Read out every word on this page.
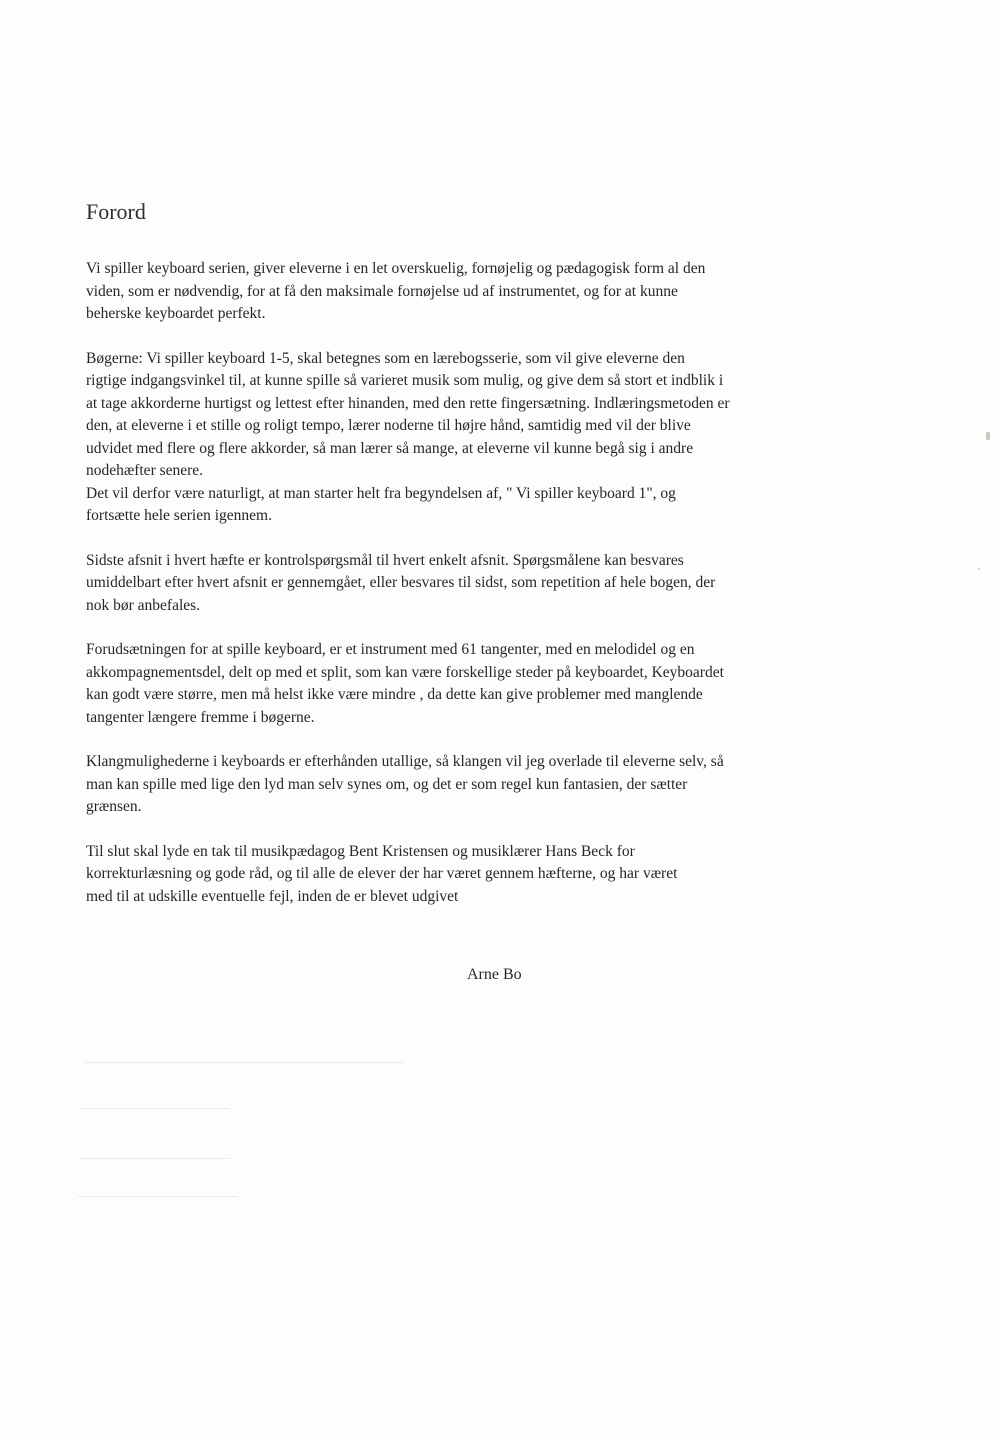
Forord

Vi spiller keyboard serien, giver eleverne i en let overskuelig, fornøjelig og pædagogisk form al den
viden, som er nødvendig, for at få den maksimale fornøjelse ud af instrumentet, og for at kunne
beherske keyboardet perfekt.

Bøgerne: Vi spiller keyboard 1-5, skal betegnes som en lærebogsserie, som vil give eleverne den
rigtige indgangsvinkel til, at kunne spille så varieret musik som mulig, og give dem så stort et indblik i
at tage akkorderne hurtigst og lettest efter hinanden, med den rette fingersætning. Indlæringsmetoden er
den, at eleverne i et stille og roligt tempo, lærer noderne til højre hånd, samtidig med vil der blive
udvidet med flere og flere akkorder, så man lærer så mange, at eleverne vil kunne begå sig i andre
nodehæfter senere.

Det vil derfor være naturligt, at man starter helt fra begyndelsen af, " Vi spiller keyboard 1", og
fortsætte hele serien igennem.

Sidste afsnit i hvert hæfte er kontrolspørgsmål til hvert enkelt afsnit. Spørgsmålene kan besvares
umiddelbart efter hvert afsnit er gennemgået, eller besvares til sidst, som repetition af hele bogen, der
nok bør anbefales.

Forudsætningen for at spille keyboard, er et instrument med 61 tangenter, med en melodidel og en
akkompagnementsdel, delt op med et split, som kan være forskellige steder på keyboardet, Keyboardet
kan godt være større, men må helst ikke være mindre , da dette kan give problemer med manglende
tangenter længere fremme i bøgerne.

Klangmulighederne i keyboards er efterhånden utallige, så klangen vil jeg overlade til eleverne selv, så
man kan spille med lige den lyd man selv synes om, og det er som regel kun fantasien, der sætter
grænsen.

Til slut skal lyde en tak til musikpædagog Bent Kristensen og musiklærer Hans Beck for
korrekturlæsning og gode råd, og til alle de elever der har været gennem hæfterne, og har været
med til at udskille eventuelle fejl, inden de er blevet udgivet

Arne Bo
